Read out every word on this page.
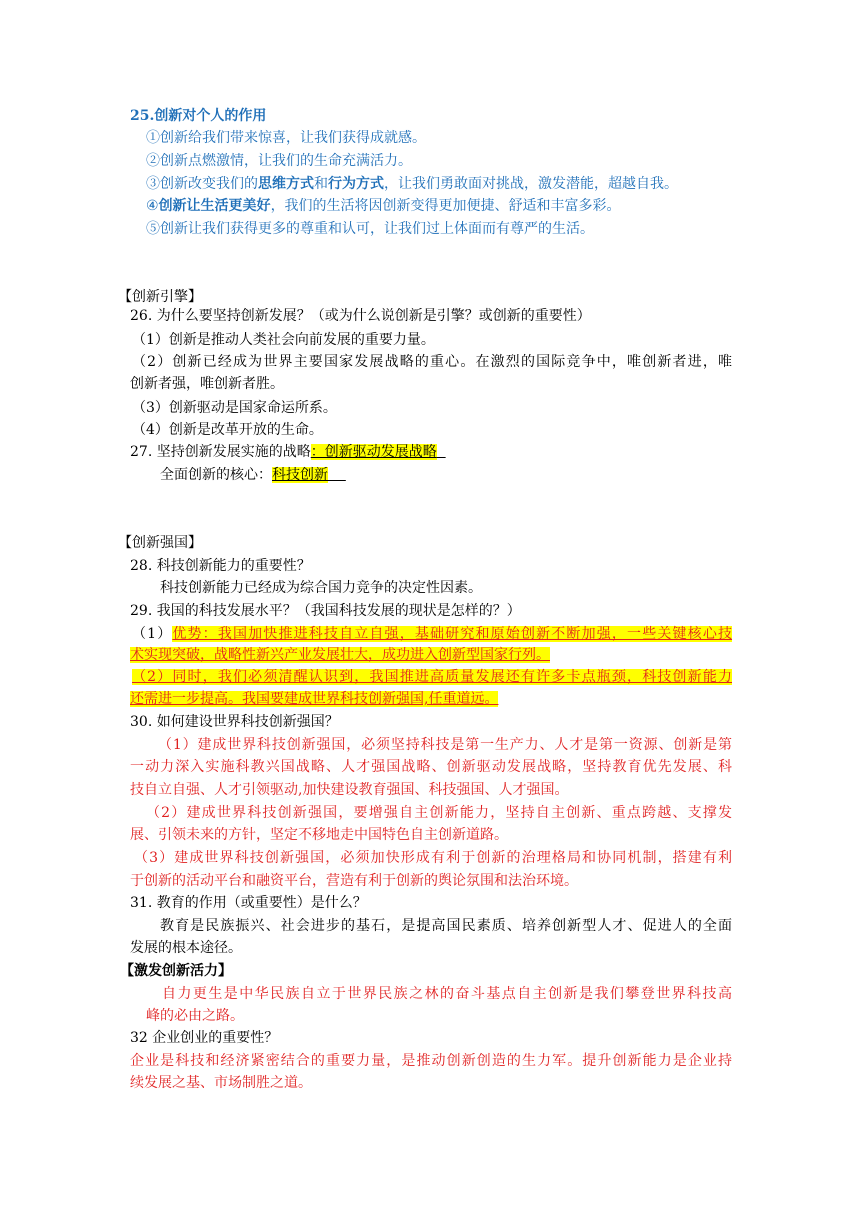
25.创新对个人的作用
①创新给我们带来惊喜，让我们获得成就感。
②创新点燃激情，让我们的生命充满活力。
③创新改变我们的思维方式和行为方式，让我们勇敢面对挑战，激发潜能，超越自我。
④创新让生活更美好，我们的生活将因创新变得更加便捷、舒适和丰富多彩。
⑤创新让我们获得更多的尊重和认可，让我们过上体面而有尊严的生活。
【创新引擎】
26. 为什么要坚持创新发展？（或为什么说创新是引擎？或创新的重要性）
（1）创新是推动人类社会向前发展的重要力量。
（2）创新已经成为世界主要国家发展战略的重心。在激烈的国际竞争中，唯创新者进，唯
创新者强，唯创新者胜。
（3）创新驱动是国家命运所系。
（4）创新是改革开放的生命。
27. 坚持创新发展实施的战略：创新驱动发展战略
全面创新的核心：科技创新
【创新强国】
28. 科技创新能力的重要性？
科技创新能力已经成为综合国力竞争的决定性因素。
29. 我国的科技发展水平？（我国科技发展的现状是怎样的？）
（1）优势：我国加快推进科技自立自强，基础研究和原始创新不断加强，一些关键核心技
术实现突破，战略性新兴产业发展壮大，成功进入创新型国家行列。
（2）同时，我们必须清醒认识到，我国推进高质量发展还有许多卡点瓶颈，科技创新能力
还需进一步提高。我国要建成世界科技创新强国,任重道远。
30. 如何建设世界科技创新强国？
（1）建成世界科技创新强国，必须坚持科技是第一生产力、人才是第一资源、创新是第
一动力深入实施科教兴国战略、人才强国战略、创新驱动发展战略，坚持教育优先发展、科
技自立自强、人才引领驱动,加快建设教育强国、科技强国、人才强国。
（2）建成世界科技创新强国，要增强自主创新能力，坚持自主创新、重点跨越、支撑发
展、引领未来的方针，坚定不移地走中国特色自主创新道路。
（3）建成世界科技创新强国，必须加快形成有利于创新的治理格局和协同机制，搭建有利
于创新的活动平台和融资平台，营造有利于创新的舆论氛围和法治环境。
31. 教育的作用（或重要性）是什么？
教育是民族振兴、社会进步的基石，是提高国民素质、培养创新型人才、促进人的全面
发展的根本途径。
【激发创新活力】
自力更生是中华民族自立于世界民族之林的奋斗基点自主创新是我们攀登世界科技高
峰的必由之路。
32 企业创业的重要性？
企业是科技和经济紧密结合的重要力量，是推动创新创造的生力军。提升创新能力是企业持
续发展之基、市场制胜之道。
